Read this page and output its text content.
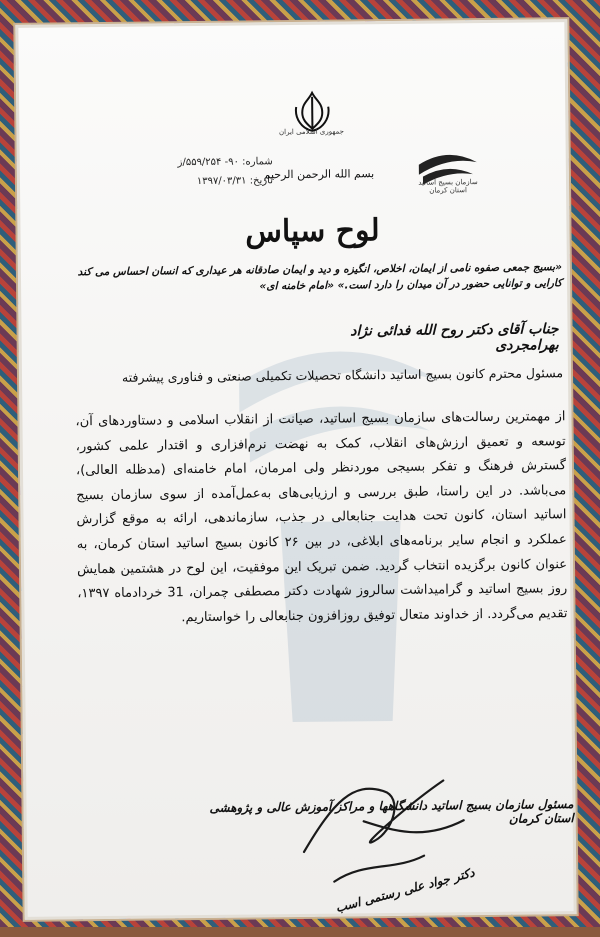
جمهوری اسلامی ایران
سازمان بسیج اساتید استان کرمان
شماره: ۹۰- ۵۵۹/۲۵۴/ز
تاریخ: ۱۳۹۷/۰۳/۳۱
بسم الله الرحمن الرحیم
لوح سپاس
«بسیج جمعی صفوه نامی از ایمان، اخلاص، انگیزه و دید و ایمان صادقانه هر عیداری که انسان احساس می کند کارایی و توانایی حضور در آن میدان را دارد است.» «امام خامنه ای»
جناب آقای دکتر روح الله فدائی نژاد بهرامجردی
مسئول محترم کانون بسیج اساتید دانشگاه تحصیلات تکمیلی صنعتی و فناوری پیشرفته
از مهمترین رسالت‌های سازمان بسیج اساتید، صیانت از انقلاب اسلامی و دستاوردهای آن، توسعه و تعمیق ارزش‌های انقلاب، کمک به نهضت نرم‌افزاری و اقتدار علمی کشور، گسترش فرهنگ و تفکر بسیجی موردنظر ولی امرمان، امام خامنه‌ای (مدظله العالی)، می‌باشد. در این راستا، طبق بررسی و ارزیابی‌های به‌عمل‌آمده از سوی سازمان بسیج اساتید استان، کانون تحت هدایت جنابعالی در جذب، سازماندهی، ارائه به موقع گزارش عملکرد و انجام سایر برنامه‌های ابلاغی، در بین ۲۶ کانون بسیج اساتید استان کرمان، به عنوان کانون برگزیده انتخاب گردید. ضمن تبریک این موفقیت، این لوح در هشتمین همایش روز بسیج اساتید و گرامیداشت سالروز شهادت دکتر مصطفی چمران، 31 خردادماه ۱۳۹۷، تقدیم می‌گردد. از خداوند متعال توفیق روزافزون جنابعالی را خواستاریم.
مسئول سازمان بسیج اساتید دانشگاهها و مراکز آموزش عالی و پژوهشی استان کرمان
دکتر جواد علی رستمی اسب
